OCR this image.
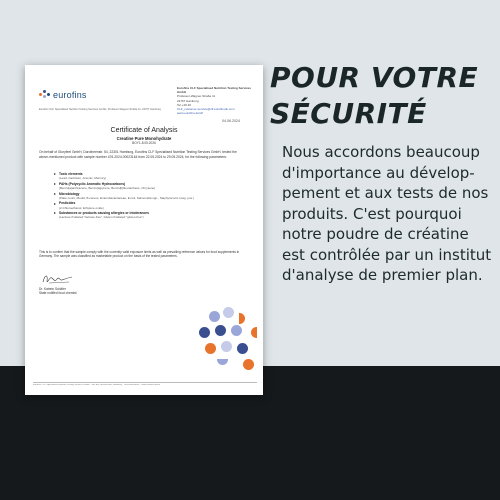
eurofins
Eurofins CLF Specialised Nutrition Testing Services GmbH
Professor-Wagner-Straße 11
22767 Hamburg
Tel +49 40
CLF_customer-service@clf.eurofinsde.com
www.eurofins.de/clf
Eurofins CLF Specialised Nutrition Testing Services GmbH, Professor-Wagner-Straße 11, 22767 Hamburg
04.06.2024
Certificate of Analysis
Creatine Pure Monohydrate
BOY1-8.05.2026
On behalf of Gloryfeel GmbH, Dorotheenstr. 54, 22301 Hamburg, Eurofins CLF Specialised Nutrition Testing Services GmbH, tested the above-mentioned product with sample number 476-2024-00023164 from 22.05.2024 to 29.05.2024, for the following parameters:
Toxic elements
(Lead, Cadmium, Arsenic, Mercury)
PAHs (Polycyclic Aromatic Hydrocarbons)
(Benzo[a]anthracene, Benzo[a]pyrene, Benzo[b]fluoranthene, Chrysene)
Microbiology
(Plate count, Mould, B.cereus, Enterobacteriaceae, E.coli, Salmonella spp., Staphylococci coag. pos.)
Pesticides
(2-Chloroethanol, Ethylene oxide)
Substances or products causing allergies or intolerances
(Lactose if labeled "lactose-free", Gluten if labeled "gluten-free")
This is to confirm that the sample comply with the currently valid exposure limits as well as prevailing reference values for food supplements in Germany. The sample was classified as marketable product on the basis of the tested parameters.
Dr. Katrein Schäfer
State notified food chemist
Eurofins CLF Specialised Nutrition Testing Services GmbH · Sitz der Gesellschaft: Hamburg · Geschäftsführer · www.eurofins.de/clf
POUR VOTRE
SÉCURITÉ
Nous accordons beaucoup
d'importance au dévelop-
pement et aux tests de nos
produits. C'est pourquoi
notre poudre de créatine
est contrôlée par un institut
d'analyse de premier plan.
